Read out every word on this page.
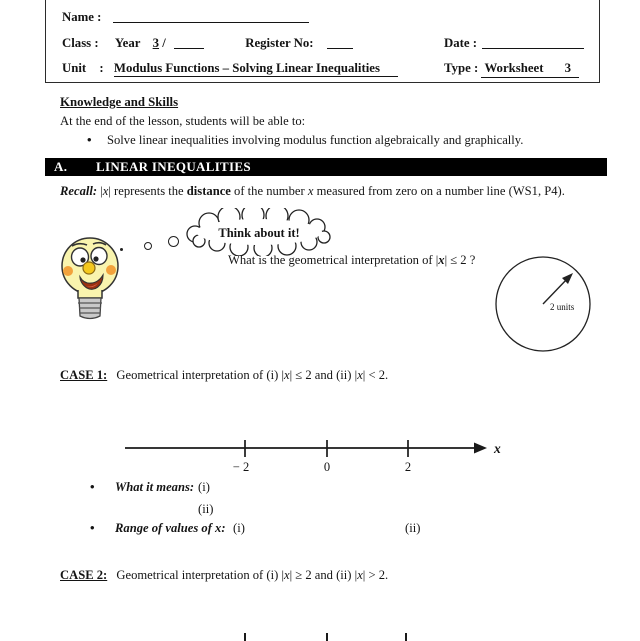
Name :
Class : Year 3 /	Register No:	Date :
Unit : Modulus Functions – Solving Linear Inequalities	Type : Worksheet 3
Knowledge and Skills
At the end of the lesson, students will be able to:
• Solve linear inequalities involving modulus function algebraically and graphically.
A.	LINEAR INEQUALITIES
Recall: |x| represents the distance of the number x measured from zero on a number line (WS1, P4).
Think about it!
What is the geometrical interpretation of |x| ≤ 2 ?
2 units
CASE 1: Geometrical interpretation of (i) |x| ≤ 2 and (ii) |x| < 2.
− 2	0	2
x
• What it means: (i)
(ii)
• Range of values of x: (i)	(ii)
CASE 2: Geometrical interpretation of (i) |x| ≥ 2 and (ii) |x| > 2.
